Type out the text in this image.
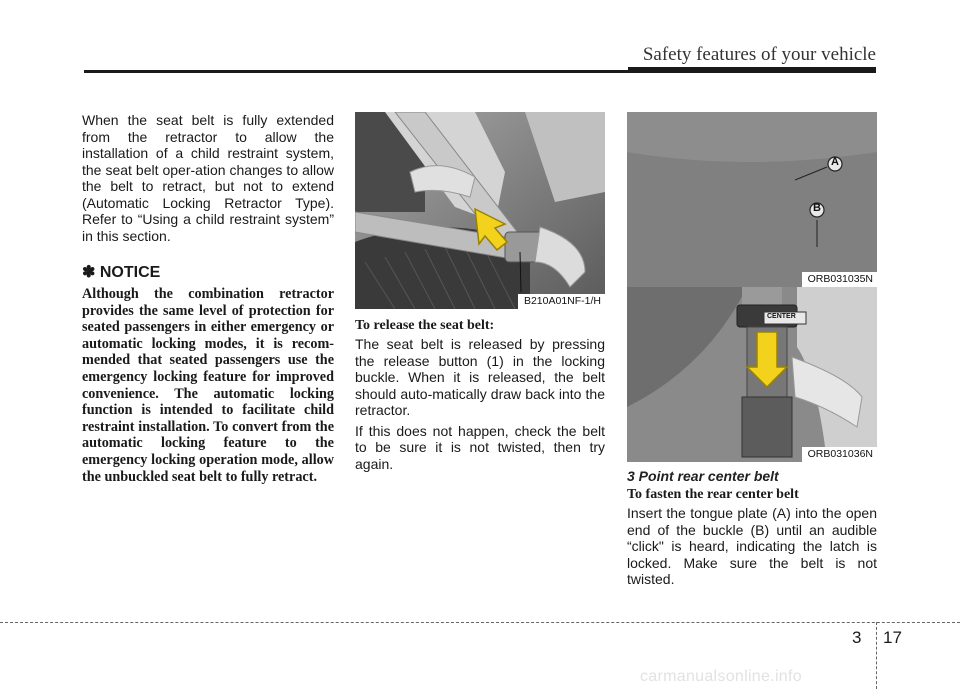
Safety features of your vehicle

When the seat belt is fully extended from the retractor to allow the installation of a child restraint system, the seat belt oper-ation changes to allow the belt to retract, but not to extend (Automatic Locking Retractor Type). Refer to “Using a child restraint system” in this section.

✽ NOTICE

Although the combination retractor provides the same level of protection for seated passengers in either emergency or automatic locking modes, it is recom-mended that seated passengers use the emergency locking feature for improved convenience. The automatic locking function is intended to facilitate child restraint installation. To convert from the automatic locking feature to the emergency locking operation mode, allow the unbuckled seat belt to fully retract.

B210A01NF-1/H
To release the seat belt:

The seat belt is released by pressing the release button (1) in the locking buckle. When it is released, the belt should auto-matically draw back into the retractor.

If this does not happen, check the belt to be sure it is not twisted, then try again.

A
B
ORB031035N
CENTER
ORB031036N
3 Point rear center belt
To fasten the rear center belt

Insert the tongue plate (A) into the open end of the buckle (B) until an audible “click" is heard, indicating the latch is locked. Make sure the belt is not twisted.

3 17
carmanualsonline.info
